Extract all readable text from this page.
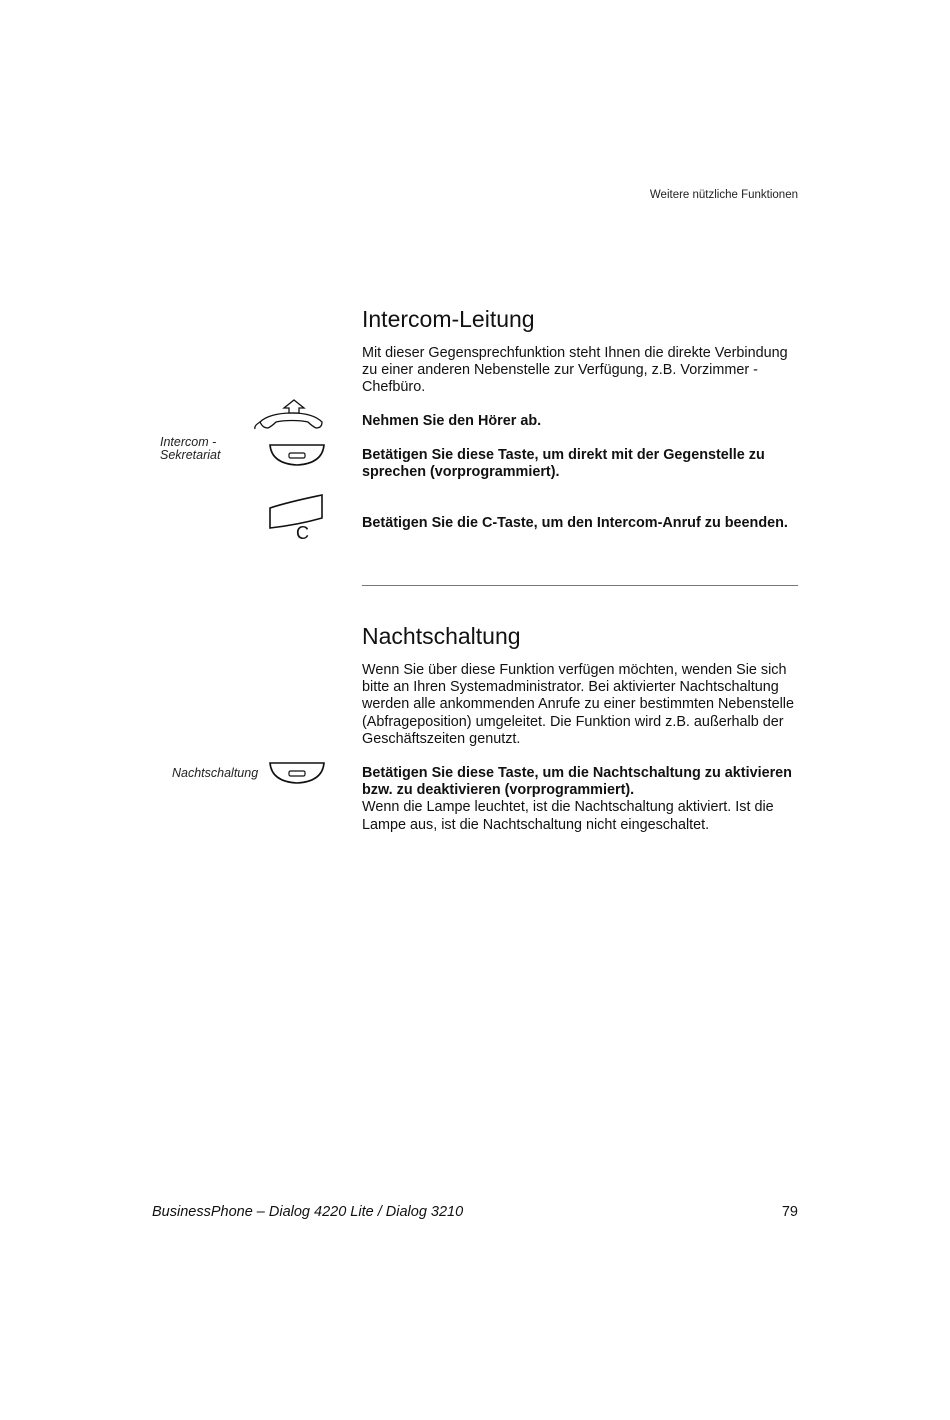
Weitere nützliche Funktionen
Intercom-Leitung

Mit dieser Gegensprechfunktion steht Ihnen die direkte Verbindung zu einer anderen Nebenstelle zur Verfügung, z.B. Vorzimmer - Chefbüro.

Nehmen Sie den Hörer ab.
Intercom -
Sekretariat	Betätigen Sie diese Taste, um direkt mit der Gegenstelle zu sprechen (vorprogrammiert).

C	Betätigen Sie die C-Taste, um den Intercom-Anruf zu beenden.

Nachtschaltung

Wenn Sie über diese Funktion verfügen möchten, wenden Sie sich bitte an Ihren Systemadministrator. Bei aktivierter Nachtschaltung werden alle ankommenden Anrufe zu einer bestimmten Nebenstelle (Abfrageposition) umgeleitet. Die Funktion wird z.B. außerhalb der Geschäftszeiten genutzt.

Nachtschaltung	Betätigen Sie diese Taste, um die Nachtschaltung zu aktivieren bzw. zu deaktivieren (vorprogrammiert).
Wenn die Lampe leuchtet, ist die Nachtschaltung aktiviert. Ist die Lampe aus, ist die Nachtschaltung nicht eingeschaltet.
BusinessPhone – Dialog 4220 Lite / Dialog 3210	79
